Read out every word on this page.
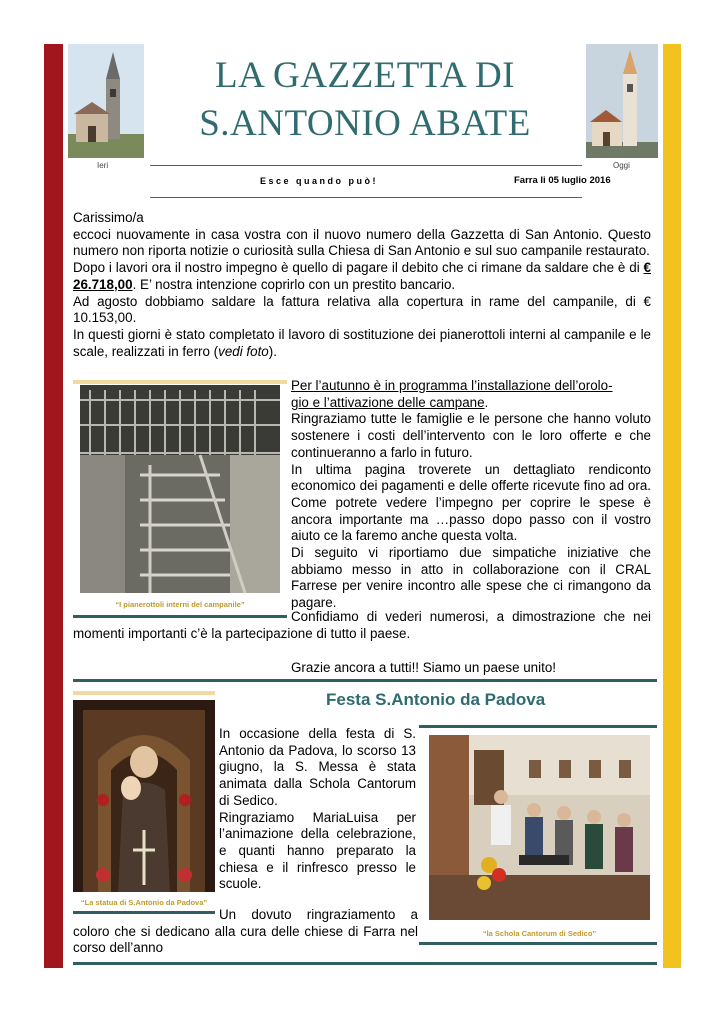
Ieri	Oggi
LA GAZZETTA DI
S.ANTONIO ABATE
Esce quando può!	Farra li 05 luglio 2016
Carissimo/a
eccoci nuovamente in casa vostra con il nuovo numero della Gazzetta di San Antonio. Questo numero non riporta notizie o curiosità sulla Chiesa di San Antonio e sul suo campanile restaurato.
Dopo i lavori ora il nostro impegno è quello di pagare il debito che ci rimane da saldare che è di € 26.718,00. E’ nostra intenzione coprirlo con un prestito bancario.
Ad agosto dobbiamo saldare la fattura relativa alla copertura in rame del campanile, di € 10.153,00.
In questi giorni è stato completato il lavoro di sostituzione dei pianerottoli interni al campanile e le scale, realizzati in ferro (vedi foto).
“I pianerottoli interni del campanile”
Per l’autunno è in programma l’installazione dell’orolo-
gio e l’attivazione delle campane.
Ringraziamo tutte le famiglie e le persone che hanno voluto sostenere i costi dell’intervento con le loro offerte e che continueranno a farlo in futuro.
In ultima pagina troverete un dettagliato rendiconto economico dei pagamenti e delle offerte ricevute fino ad ora. Come potrete vedere l’impegno per coprire le spese è ancora importante ma …passo dopo passo con il vostro aiuto ce la faremo anche questa volta.
Di seguito vi riportiamo due simpatiche iniziative che abbiamo messo in atto in collaborazione con il CRAL Farrese per venire incontro alle spese che ci rimangono da pagare.
Confidiamo di vederi numerosi, a dimostrazione che nei momenti importanti c’è la partecipazione di tutto il paese.
Grazie ancora a tutti!! Siamo un paese unito!
Festa S.Antonio da Padova
“La statua di S.Antonio da Padova”
In occasione della festa di S. Antonio da Padova, lo scorso 13 giugno, la S. Messa è stata animata dalla Schola Cantorum di Sedico.
Ringraziamo MariaLuisa per l’animazione della celebrazione, e quanti hanno preparato la chiesa e il rinfresco presso le scuole.
Un dovuto ringraziamento a coloro che si dedicano alla cura delle chiese di Farra nel corso dell’anno
“la Schola Cantorum di Sedico”
